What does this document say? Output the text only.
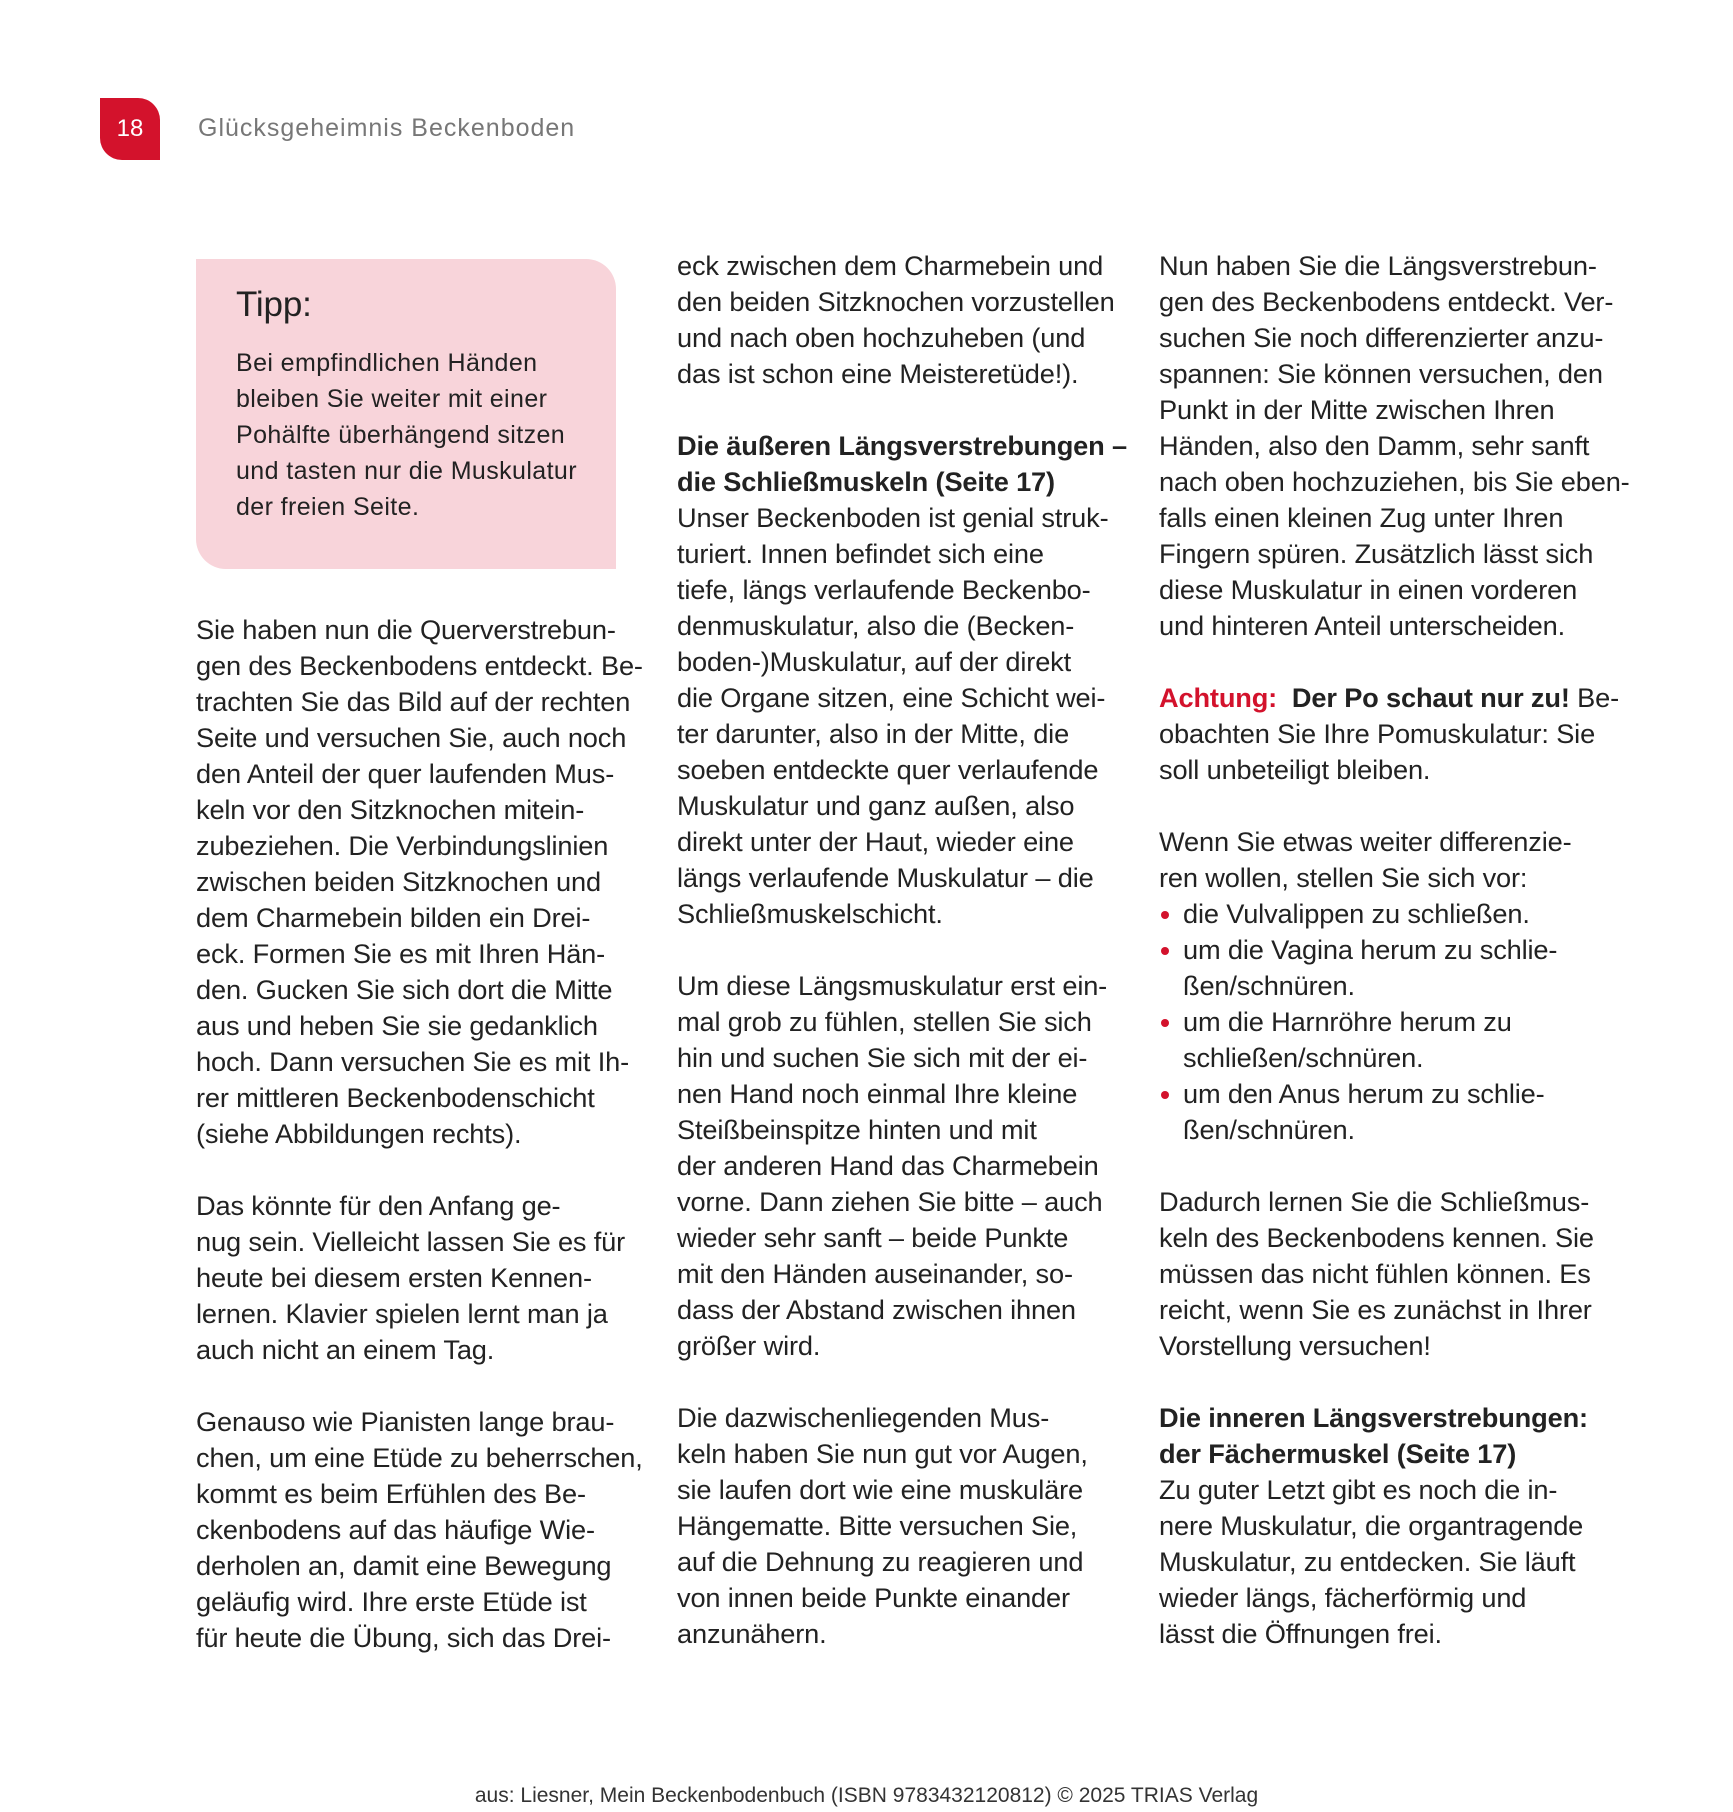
18 Glücksgeheimnis Beckenboden
Tipp:
Bei empfindlichen Händen
bleiben Sie weiter mit einer
Pohälfte überhängend sitzen
und tasten nur die Muskulatur
der freien Seite.
Sie haben nun die Querverstrebun-
gen des Beckenbodens entdeckt. Be-
trachten Sie das Bild auf der rechten
Seite und versuchen Sie, auch noch
den Anteil der quer laufenden Mus-
keln vor den Sitzknochen mitein-
zubeziehen. Die Verbindungslinien
zwischen beiden Sitzknochen und
dem Charmebein bilden ein Drei-
eck. Formen Sie es mit Ihren Hän-
den. Gucken Sie sich dort die Mitte
aus und heben Sie sie gedanklich
hoch. Dann versuchen Sie es mit Ih-
rer mittleren Beckenbodenschicht
(siehe Abbildungen rechts).
Das könnte für den Anfang ge-
nug sein. Vielleicht lassen Sie es für
heute bei diesem ersten Kennen-
lernen. Klavier spielen lernt man ja
auch nicht an einem Tag.
Genauso wie Pianisten lange brau-
chen, um eine Etüde zu beherrschen,
kommt es beim Erfühlen des Be-
ckenbodens auf das häufige Wie-
derholen an, damit eine Bewegung
geläufig wird. Ihre erste Etüde ist
für heute die Übung, sich das Drei-
eck zwischen dem Charmebein und
den beiden Sitzknochen vorzustellen
und nach oben hochzuheben (und
das ist schon eine Meisteretüde!).
Die äußeren Längsverstrebungen –
die Schließmuskeln (Seite 17)
Unser Beckenboden ist genial struk-
turiert. Innen befindet sich eine
tiefe, längs verlaufende Beckenbo-
denmuskulatur, also die (Becken-
boden-)Muskulatur, auf der direkt
die Organe sitzen, eine Schicht wei-
ter darunter, also in der Mitte, die
soeben entdeckte quer verlaufende
Muskulatur und ganz außen, also
direkt unter der Haut, wieder eine
längs verlaufende Muskulatur – die
Schließmuskelschicht.
Um diese Längsmuskulatur erst ein-
mal grob zu fühlen, stellen Sie sich
hin und suchen Sie sich mit der ei-
nen Hand noch einmal Ihre kleine
Steißbeinspitze hinten und mit
der anderen Hand das Charmebein
vorne. Dann ziehen Sie bitte – auch
wieder sehr sanft – beide Punkte
mit den Händen auseinander, so-
dass der Abstand zwischen ihnen
größer wird.
Die dazwischenliegenden Mus-
keln haben Sie nun gut vor Augen,
sie laufen dort wie eine muskuläre
Hängematte. Bitte versuchen Sie,
auf die Dehnung zu reagieren und
von innen beide Punkte einander
anzunähern.
Nun haben Sie die Längsverstrebun-
gen des Beckenbodens entdeckt. Ver-
suchen Sie noch differenzierter anzu-
spannen: Sie können versuchen, den
Punkt in der Mitte zwischen Ihren
Händen, also den Damm, sehr sanft
nach oben hochzuziehen, bis Sie eben-
falls einen kleinen Zug unter Ihren
Fingern spüren. Zusätzlich lässt sich
diese Muskulatur in einen vorderen
und hinteren Anteil unterscheiden.
Achtung: Der Po schaut nur zu! Be-
obachten Sie Ihre Pomuskulatur: Sie
soll unbeteiligt bleiben.
Wenn Sie etwas weiter differenzie-
ren wollen, stellen Sie sich vor:
die Vulvalippen zu schließen.
um die Vagina herum zu schlie-
ßen/schnüren.
um die Harnröhre herum zu
schließen/schnüren.
um den Anus herum zu schlie-
ßen/schnüren.
Dadurch lernen Sie die Schließmus-
keln des Beckenbodens kennen. Sie
müssen das nicht fühlen können. Es
reicht, wenn Sie es zunächst in Ihrer
Vorstellung versuchen!
Die inneren Längsverstrebungen:
der Fächermuskel (Seite 17)
Zu guter Letzt gibt es noch die in-
nere Muskulatur, die organtragende
Muskulatur, zu entdecken. Sie läuft
wieder längs, fächerförmig und
lässt die Öffnungen frei.
aus: Liesner, Mein Beckenbodenbuch (ISBN 9783432120812) © 2025 TRIAS Verlag
